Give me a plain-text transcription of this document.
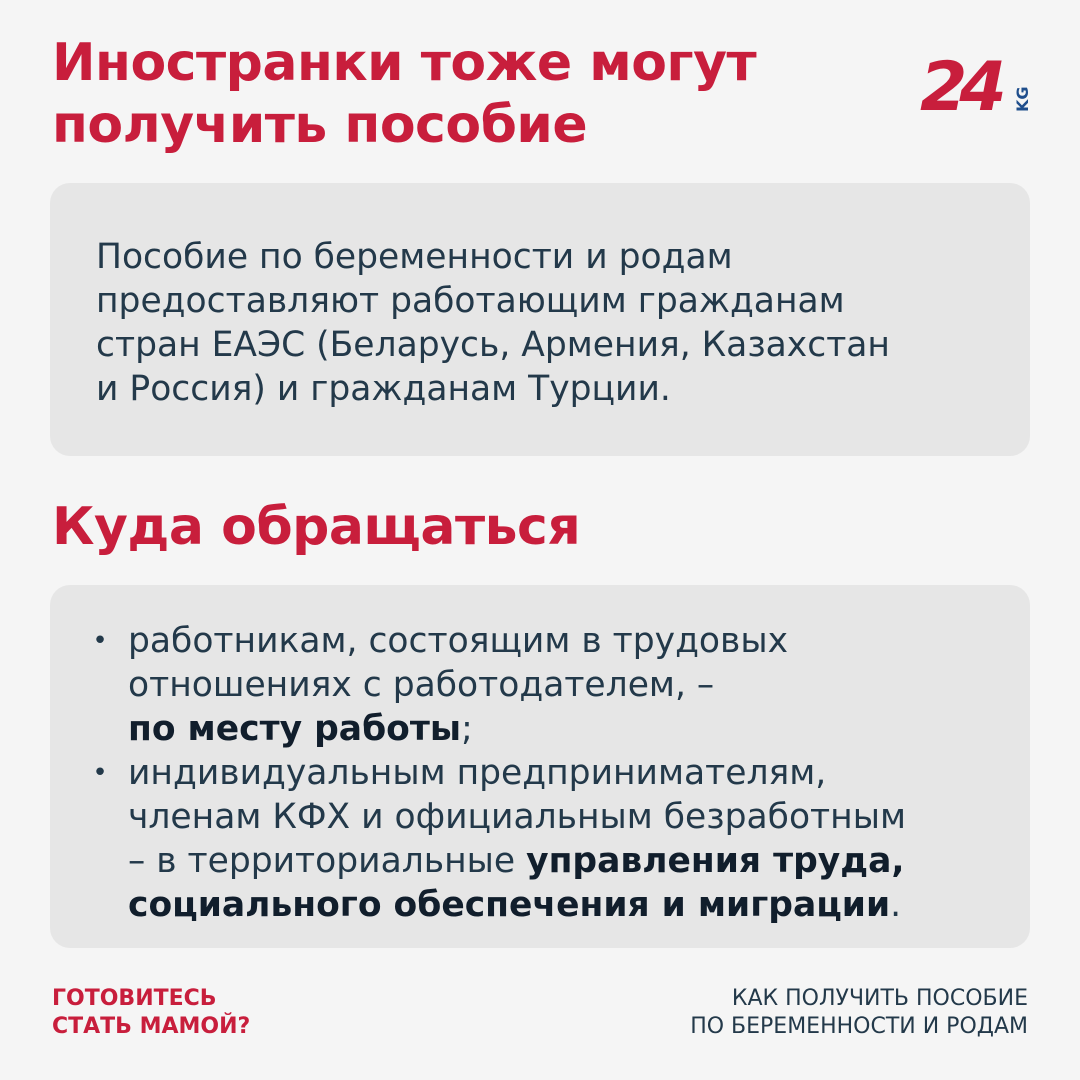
Иностранки тоже могут
получить пособие	24 KG

Пособие по беременности и родам
предоставляют работающим гражданам
стран ЕАЭС (Беларусь, Армения, Казахстан
и Россия) и гражданам Турции.

Куда обращаться
• работникам, состоящим в трудовых
отношениях с работодателем, –
по месту работы;
• индивидуальным предпринимателям,
членам КФХ и официальным безработным
– в территориальные управления труда,
социального обеспечения и миграции.
ГОТОВИТЕСЬ
СТАТЬ МАМОЙ?
КАК ПОЛУЧИТЬ ПОСОБИЕ
ПО БЕРЕМЕННОСТИ И РОДАМ
